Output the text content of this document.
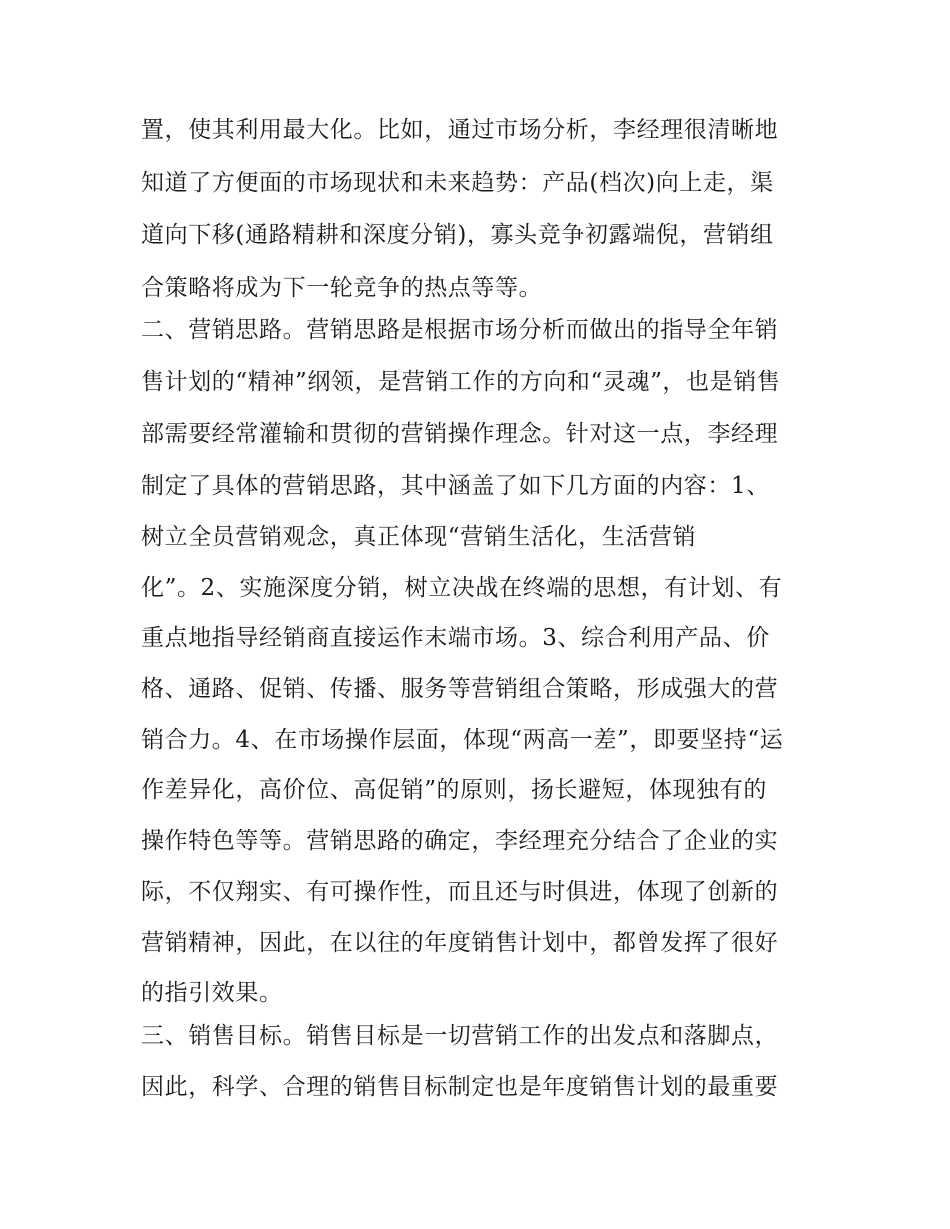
置，使其利用最大化。比如，通过市场分析，李经理很清晰地
知道了方便面的市场现状和未来趋势：产品(档次)向上走，渠
道向下移(通路精耕和深度分销)，寡头竞争初露端倪，营销组
合策略将成为下一轮竞争的热点等等。
二、营销思路。营销思路是根据市场分析而做出的指导全年销
售计划的“精神”纲领，是营销工作的方向和“灵魂”，也是销售
部需要经常灌输和贯彻的营销操作理念。针对这一点，李经理
制定了具体的营销思路，其中涵盖了如下几方面的内容：1、
树立全员营销观念，真正体现“营销生活化，生活营销
化”。2、实施深度分销，树立决战在终端的思想，有计划、有
重点地指导经销商直接运作末端市场。3、综合利用产品、价
格、通路、促销、传播、服务等营销组合策略，形成强大的营
销合力。4、在市场操作层面，体现“两高一差”，即要坚持“运
作差异化，高价位、高促销”的原则，扬长避短，体现独有的
操作特色等等。营销思路的确定，李经理充分结合了企业的实
际，不仅翔实、有可操作性，而且还与时俱进，体现了创新的
营销精神，因此，在以往的年度销售计划中，都曾发挥了很好
的指引效果。
三、销售目标。销售目标是一切营销工作的出发点和落脚点，
因此，科学、合理的销售目标制定也是年度销售计划的最重要
